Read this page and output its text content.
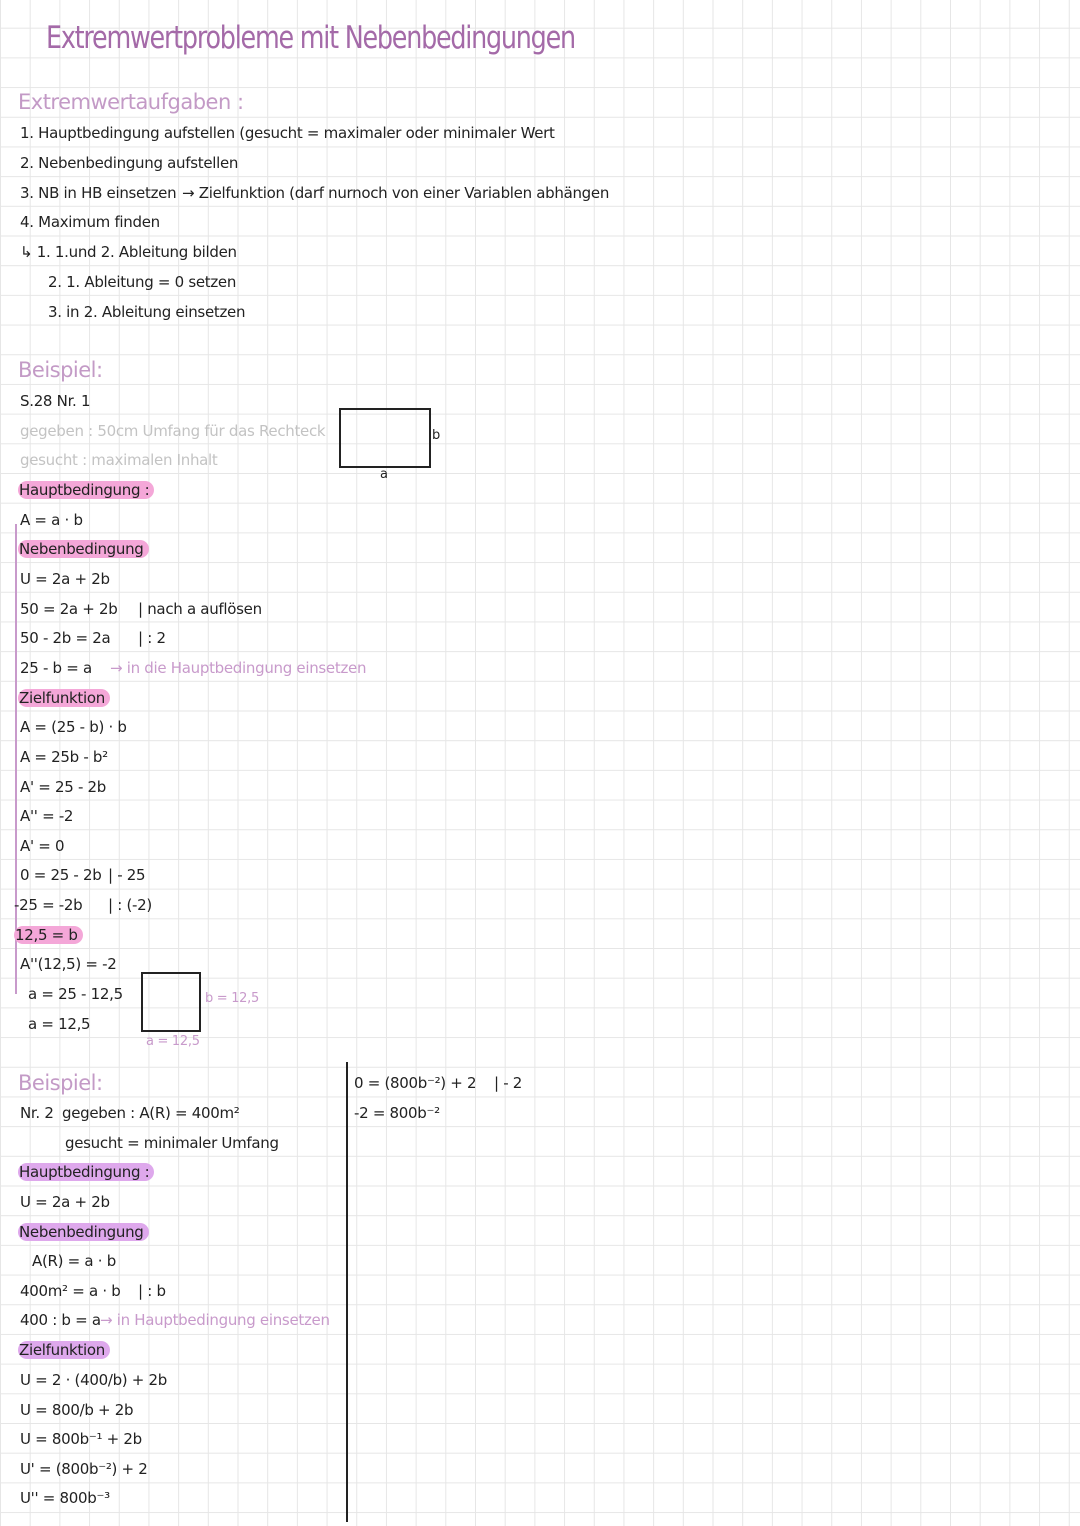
Extremwertprobleme mit Nebenbedingungen
Extremwertaufgaben :
1. Hauptbedingung aufstellen (gesucht = maximaler oder minimaler Wert
2. Nebenbedingung aufstellen
3. NB in HB einsetzen → Zielfunktion (darf nurnoch von einer Variablen abhängen
4. Maximum finden
↳ 1. 1.und 2. Ableitung bilden
2. 1. Ableitung = 0 setzen
3. in 2. Ableitung einsetzen
Beispiel:
S.28 Nr. 1
gegeben : 50cm Umfang für das Rechteck
gesucht : maximalen Inhalt
b
a
Hauptbedingung :
A = a · b
Nebenbedingung
U = 2a + 2b
50 = 2a + 2b | nach a auflösen
50 - 2b = 2a | : 2
25 - b = a → in die Hauptbedingung einsetzen
Zielfunktion
A = (25 - b) · b
A = 25b - b²
A' = 25 - 2b
A'' = -2
A' = 0
0 = 25 - 2b | - 25
-25 = -2b | : (-2)
12,5 = b
A''(12,5) = -2
a = 25 - 12,5
a = 12,5
b = 12,5
a = 12,5
Beispiel:
Nr. 2 gegeben : A(R) = 400m²
gesucht = minimaler Umfang
Hauptbedingung :
U = 2a + 2b
Nebenbedingung
A(R) = a · b
400m² = a · b | : b
400 : b = a → in Hauptbedingung einsetzen
Zielfunktion
U = 2 · (400/b) + 2b
U = 800/b + 2b
U = 800b⁻¹ + 2b
U' = (800b⁻²) + 2
U'' = 800b⁻³
0 = (800b⁻²) + 2 | - 2
-2 = 800b⁻²
